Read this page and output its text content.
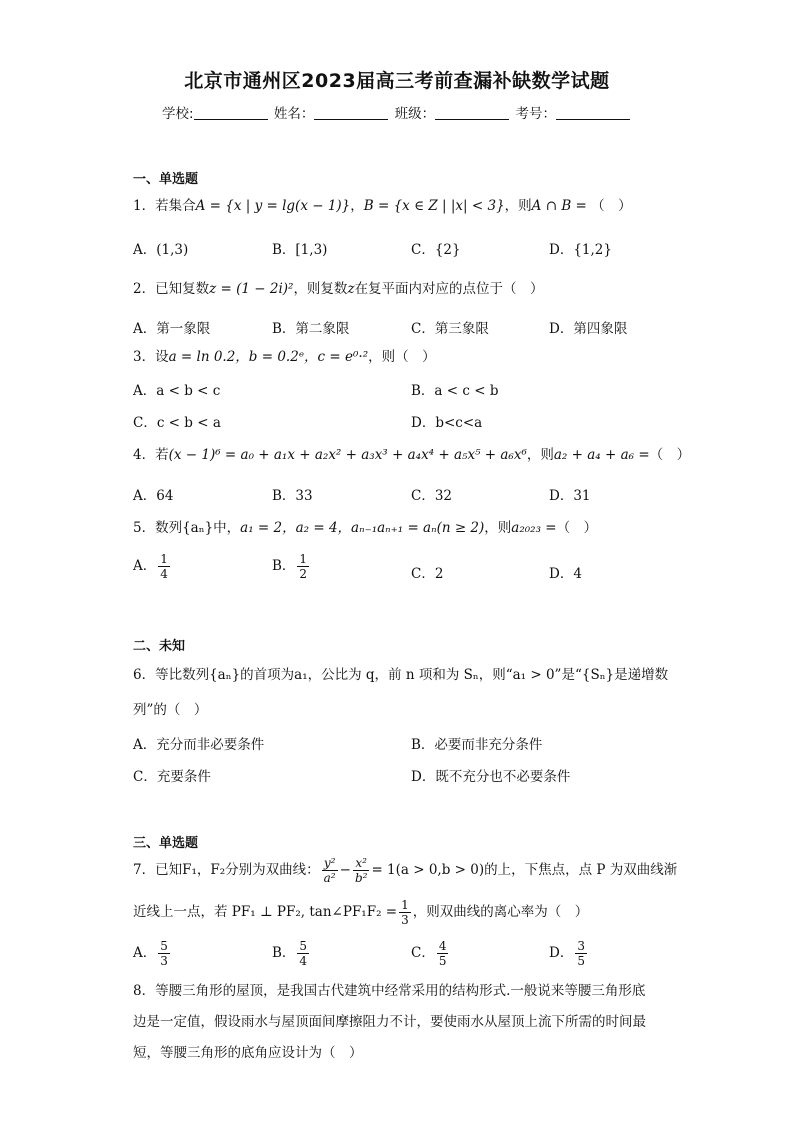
北京市通州区2023届高三考前查漏补缺数学试题
学校:	姓名：	班级：	考号：
一、单选题
1．若集合A = {x | y = lg(x − 1)}，B = {x ∈ Z | |x| < 3}，则A ∩ B = （　）
A．(1,3)	B．[1,3)	C．{2}	D．{1,2}
2．已知复数z = (1 − 2i)²，则复数z在复平面内对应的点位于（　）
A．第一象限	B．第二象限	C．第三象限	D．第四象限
3．设a = ln 0.2，b = 0.2ᵉ，c = e⁰·²，则（　）
A．a < b < c	B．a < c < b
C．c < b < a	D．b<c<a
4．若(x − 1)⁶ = a₀ + a₁x + a₂x² + a₃x³ + a₄x⁴ + a₅x⁵ + a₆x⁶，则a₂ + a₄ + a₆ =（　）
A．64	B．33	C．32	D．31
5．数列{aₙ}中，a₁ = 2，a₂ = 4，aₙ₋₁aₙ₊₁ = aₙ(n ≥ 2)，则a₂₀₂₃ =（　）
A． $\frac{1}{4}$	B． $\frac{1}{2}$	C．2	D．4
二、未知
6．等比数列{aₙ}的首项为a₁，公比为 q，前 n 项和为 Sₙ，则“a₁ > 0”是“{Sₙ}是递增数
列”的（　）
A．充分而非必要条件	B．必要而非充分条件
C．充要条件	D．既不充分也不必要条件
三、单选题
7．已知F₁，F₂分别为双曲线： $\frac{\text{y²}}{\text{a²}} - \frac{\text{x²}}{\text{b²}} = 1(a > 0,b > 0)$的上，下焦点，点 P 为双曲线渐
近线上一点，若 PF₁ ⊥ PF₂, tan∠PF₁F₂ = $\frac{1}{3}$ ，则双曲线的离心率为（　）
A． $\frac{5}{3}$	B． $\frac{5}{4}$	C． $\frac{4}{5}$	D． $\frac{3}{5}$
8．等腰三角形的屋顶，是我国古代建筑中经常采用的结构形式.一般说来等腰三角形底
边是一定值，假设雨水与屋顶面间摩擦阻力不计，要使雨水从屋顶上流下所需的时间最
短，等腰三角形的底角应设计为（　）
